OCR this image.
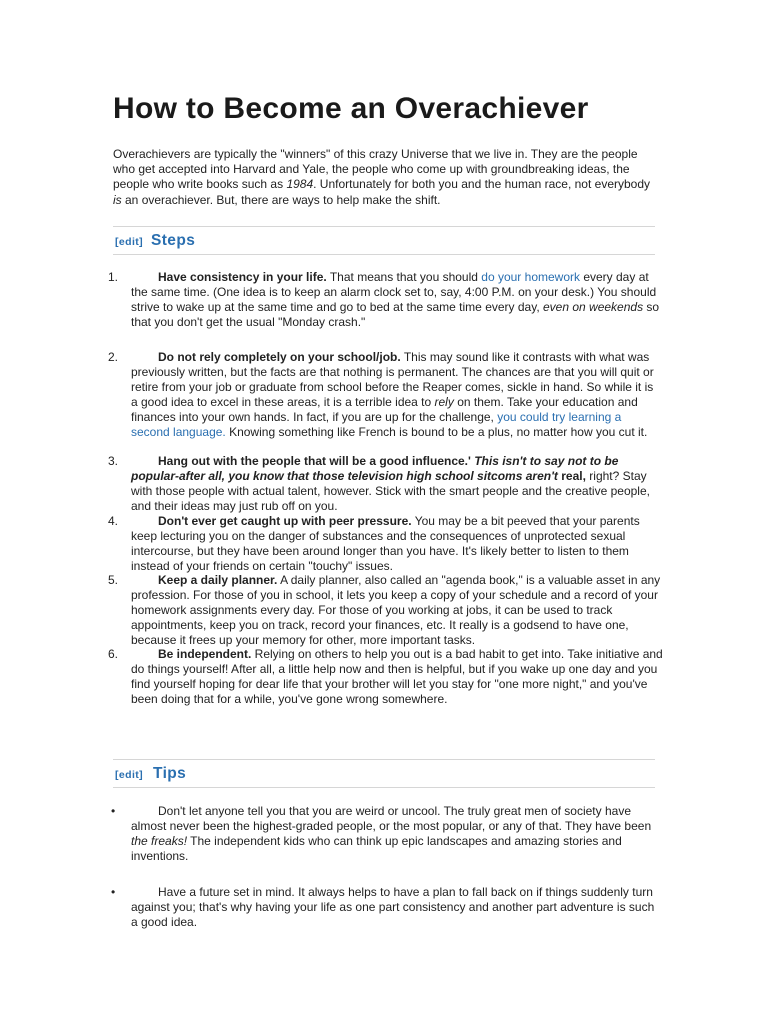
How to Become an Overachiever

Overachievers are typically the "winners" of this crazy Universe that we live in. They are the people who get accepted into Harvard and Yale, the people who come up with groundbreaking ideas, the people who write books such as 1984. Unfortunately for both you and the human race, not everybody is an overachiever. But, there are ways to help make the shift.

[edit] Steps
1.	Have consistency in your life. That means that you should do your homework every day at the same time. (One idea is to keep an alarm clock set to, say, 4:00 P.M. on your desk.) You should strive to wake up at the same time and go to bed at the same time every day, even on weekends so that you don't get the usual "Monday crash."
2.	Do not rely completely on your school/job. This may sound like it contrasts with what was previously written, but the facts are that nothing is permanent. The chances are that you will quit or retire from your job or graduate from school before the Reaper comes, sickle in hand. So while it is a good idea to excel in these areas, it is a terrible idea to rely on them. Take your education and finances into your own hands. In fact, if you are up for the challenge, you could try learning a second language. Knowing something like French is bound to be a plus, no matter how you cut it.
3.	Hang out with the people that will be a good influence.' This isn't to say not to be popular-after all, you know that those television high school sitcoms aren't real, right? Stay with those people with actual talent, however. Stick with the smart people and the creative people, and their ideas may just rub off on you.
4.	Don't ever get caught up with peer pressure. You may be a bit peeved that your parents keep lecturing you on the danger of substances and the consequences of unprotected sexual intercourse, but they have been around longer than you have. It's likely better to listen to them instead of your friends on certain "touchy" issues.
5.	Keep a daily planner. A daily planner, also called an "agenda book," is a valuable asset in any profession. For those of you in school, it lets you keep a copy of your schedule and a record of your homework assignments every day. For those of you working at jobs, it can be used to track appointments, keep you on track, record your finances, etc. It really is a godsend to have one, because it frees up your memory for other, more important tasks.
6.	Be independent. Relying on others to help you out is a bad habit to get into. Take initiative and do things yourself! After all, a little help now and then is helpful, but if you wake up one day and you find yourself hoping for dear life that your brother will let you stay for "one more night," and you've been doing that for a while, you've gone wrong somewhere.
[edit] Tips
•	Don't let anyone tell you that you are weird or uncool. The truly great men of society have almost never been the highest-graded people, or the most popular, or any of that. They have been the freaks! The independent kids who can think up epic landscapes and amazing stories and inventions.
•	Have a future set in mind. It always helps to have a plan to fall back on if things suddenly turn against you; that's why having your life as one part consistency and another part adventure is such a good idea.
